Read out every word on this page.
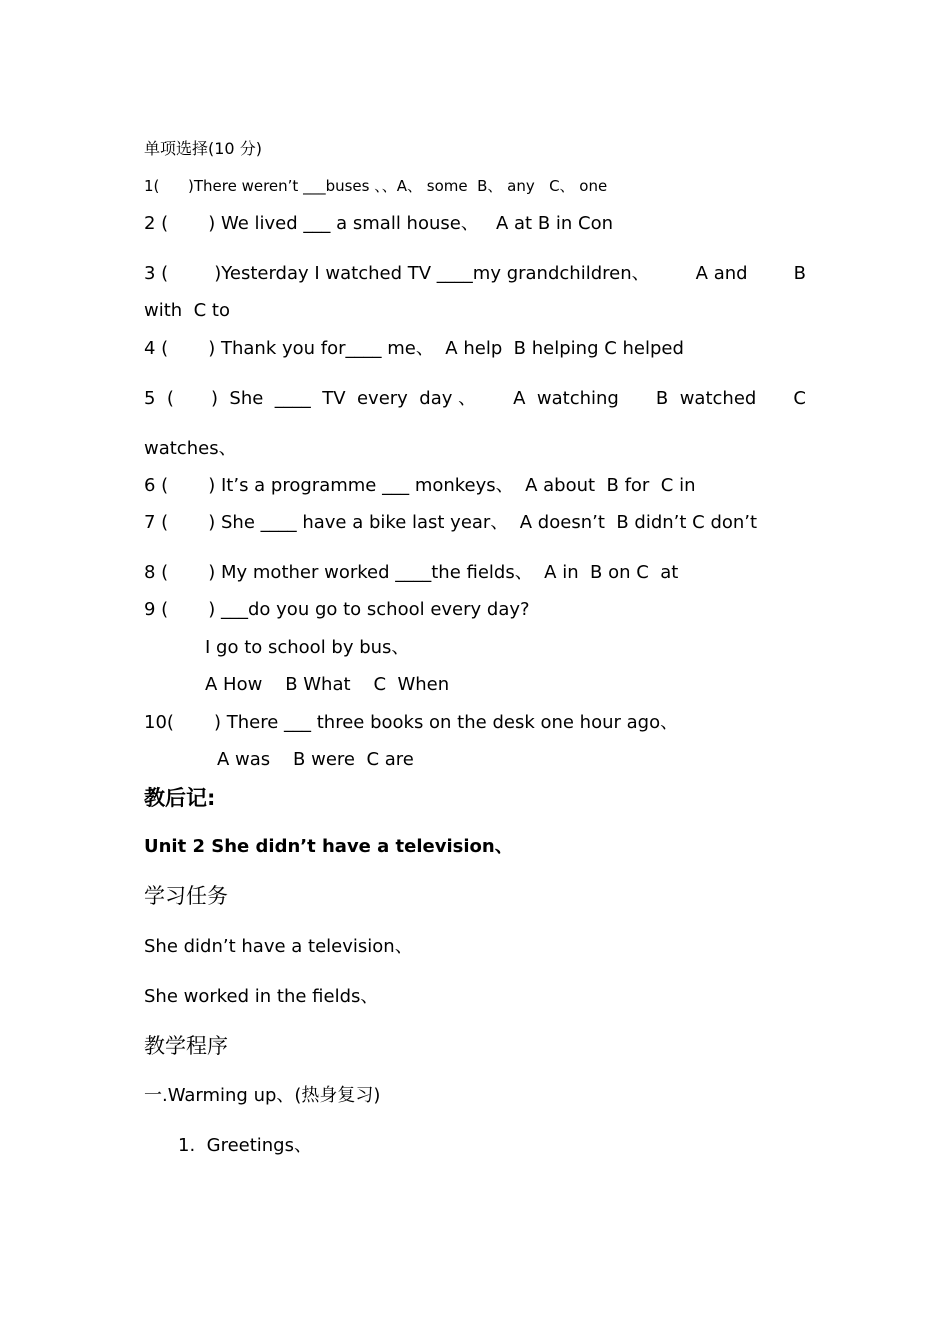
单项选择(10 分)
1(      )There weren’t ___buses 、、A、 some  B、 any   C、 one
2 (       ) We lived ___ a small house、   A at B in Con
3 (	)Yesterday I watched TV ____my grandchildren、	A and	B
with  C to
4 (       ) Thank you for____ me、  A help  B helping C helped
5  ( )  She  ____  TV  every  day 、 A  watching B  watched C
watches、
6 (       ) It’s a programme ___ monkeys、  A about  B for  C in
7 (       ) She ____ have a bike last year、  A doesn’t  B didn’t C don’t
8 (       ) My mother worked ____the fields、  A in  B on C  at
9 (       ) ___do you go to school every day?
I go to school by bus、
A How    B What    C  When
10(       ) There ___ three books on the desk one hour ago、
A was    B were  C are
教后记:
Unit 2 She didn’t have a television、
学习任务
She didn’t have a television、
She worked in the fields、
教学程序
一.Warming up、(热身复习)
1.  Greetings、
